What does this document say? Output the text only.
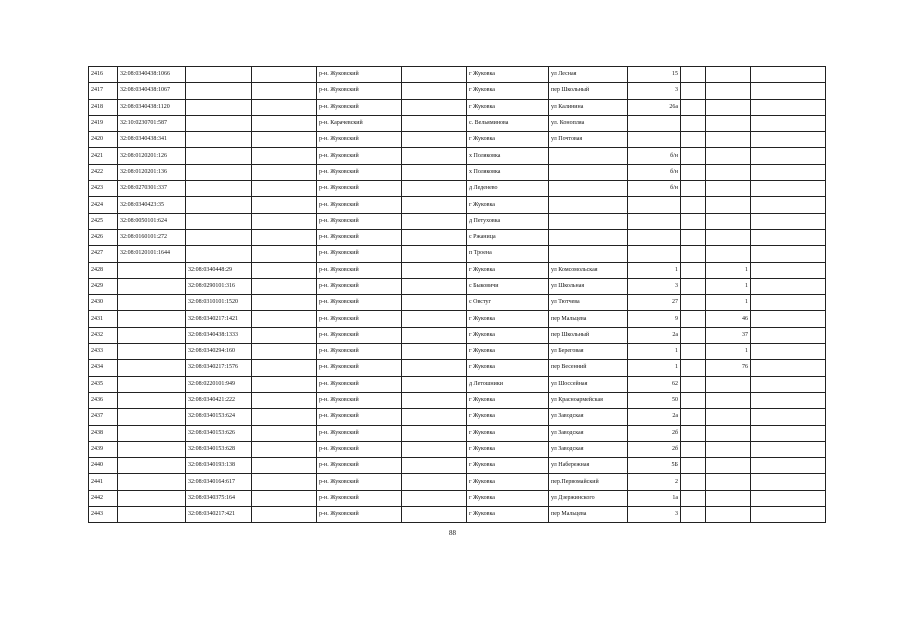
2416	32:08:0340438:1066			р-н. Жуковский		г Жуковка	ул Лесная	15			
2417	32:08:0340438:1067			р-н. Жуковский		г Жуковка	пер Школьный	3			
2418	32:08:0340438:1120			р-н. Жуковский		г Жуковка	ул Калинина	26а			
2419	32:10:0230701:587			р-н. Карачевский		с. Вельяминова	ул. Конопляа				
2420	32:08:0340438:341			р-н. Жуковский		г Жуковка	ул Почтовая				
2421	32:08:0120201:126			р-н. Жуковский		х Поляковка		б/н			
2422	32:08:0120201:136			р-н. Жуковский		х Поляковка		б/н			
2423	32:08:0270301:337			р-н. Жуковский		д Леденево		б/н			
2424	32:08:0340423:35			р-н. Жуковский		г Жуковка					
2425	32:08:0050101:624			р-н. Жуковский		д Петуховка					
2426	32:08:0160101:272			р-н. Жуковский		с Ржаница					
2427	32:08:0120101:1644			р-н. Жуковский		п Троена					
2428		32:08:0340448:29		р-н. Жуковский		г Жуковка	ул Комсомольская	1		1	
2429		32:08:0290101:316		р-н. Жуковский		с Быковичи	ул Школьная	3		1	
2430		32:08:0310101:1520		р-н. Жуковский		с Овстуг	ул Тютчева	27		1	
2431		32:08:0340217:1421		р-н. Жуковский		г Жуковка	пер Мальцева	9		46	
2432		32:08:0340438:1333		р-н. Жуковский		г Жуковка	пер Школьный	2а		37	
2433		32:08:0340294:160		р-н. Жуковский		г Жуковка	ул Береговая	1		1	
2434		32:08:0340217:1576		р-н. Жуковский		г Жуковка	пер Весенний	1		76	
2435		32:08:0220101:949		р-н. Жуковский		д Летошники	ул Шоссейная	62			
2436		32:08:0340421:222		р-н. Жуковский		г Жуковка	ул Красноармейская	50			
2437		32:08:0340153:624		р-н. Жуковский		г Жуковка	ул Заводская	2а			
2438		32:08:0340153:626		р-н. Жуковский		г Жуковка	ул Заводская	2б			
2439		32:08:0340153:628		р-н. Жуковский		г Жуковка	ул Заводская	2б			
2440		32:08:0340193:138		р-н. Жуковский		г Жуковка	ул Набережная	5Б			
2441		32:08:0340164:617		р-н. Жуковский		г Жуковка	пер.Первомайский	2			
2442		32:08:0340375:164		р-н. Жуковский		г Жуковка	ул Дзержинского	1а			
2443		32:08:0340217:421		р-н. Жуковский		г Жуковка	пер Мальцева	3			
88
